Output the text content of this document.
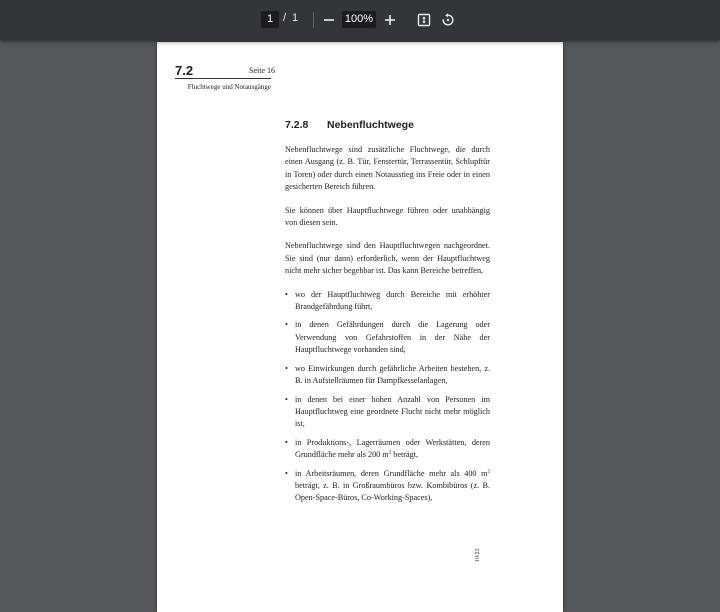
1 / 1	100%
7.2	Seite 16
Fluchtwege und Notausgänge
7.2.8 Nebenfluchtwege

Nebenfluchtwege sind zusätzliche Fluchtwege, die durch einen Ausgang (z. B. Tür, Fenstertür, Terrassentür, Schlupftür in Toren) oder durch einen Notausstieg ins Freie oder in einen gesicherten Bereich führen.

Sie können über Hauptfluchtwege führen oder unabhängig von diesen sein.

Nebenfluchtwege sind den Hauptfluchtwegen nachgeordnet. Sie sind (nur dann) erforderlich, wenn der Hauptfluchtweg nicht mehr sicher begehbar ist. Das kann Bereiche betreffen,

• wo der Hauptfluchtweg durch Bereiche mit erhöhter Brandgefährdung führt,
• in denen Gefährdungen durch die Lagerung oder Verwendung von Gefahrstoffen in der Nähe der Hauptfluchtwege vorhanden sind,
• wo Einwirkungen durch gefährliche Arbeiten bestehen, z. B. in Aufstellräumen für Dampfkesselanlagen,
• in denen bei einer hohen Anzahl von Personen im Hauptfluchtweg eine geordnete Flucht nicht mehr möglich ist,
• in Produktions-, Lagerräumen oder Werkstätten, deren Grundfläche mehr als 200 $m^2$ beträgt,
• in Arbeitsräumen, deren Grundfläche mehr als 400 $m^2$ beträgt, z. B. in Großraumbüros bzw. Kombibüros (z. B. Open-Space-Büros, Co-Working-Spaces),
10/22
